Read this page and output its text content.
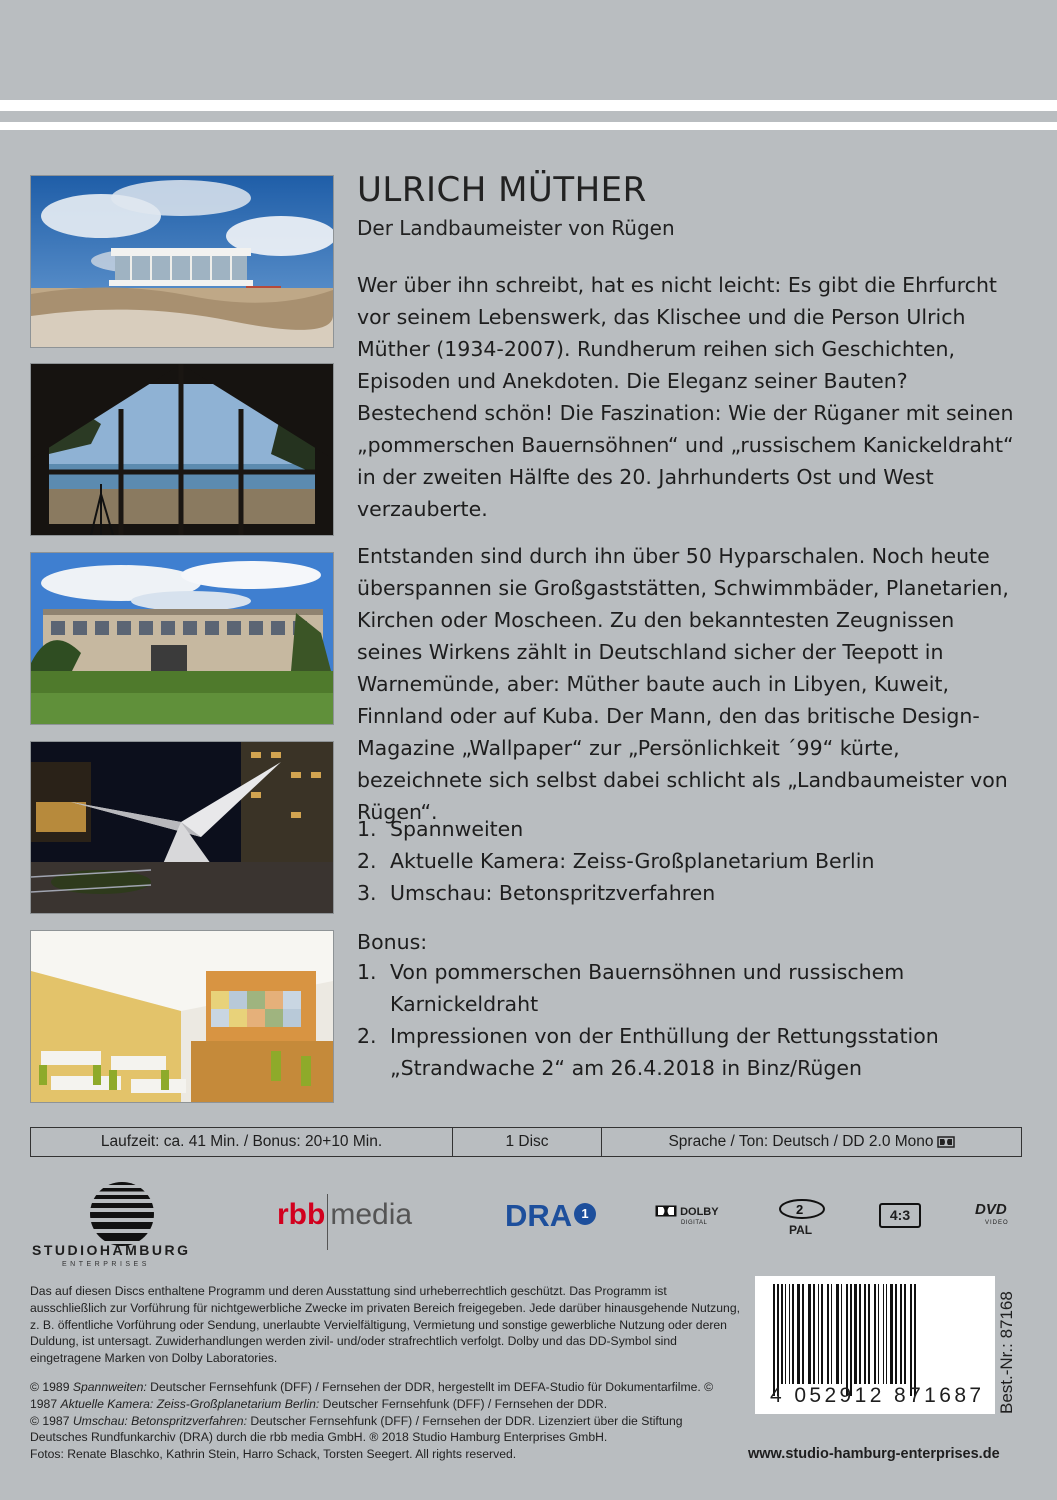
ULRICH MÜTHER
Der Landbaumeister von Rügen

Wer über ihn schreibt, hat es nicht leicht: Es gibt die Ehrfurcht vor seinem Lebenswerk, das Klischee und die Person Ulrich Müther (1934-2007). Rundherum reihen sich Geschichten, Episoden und Anekdoten. Die Eleganz seiner Bauten? Bestechend schön! Die Faszination: Wie der Rüganer mit seinen „pommerschen Bauernsöhnen“ und „russischem Kanickeldraht“ in der zweiten Hälfte des 20. Jahrhunderts Ost und West verzauberte.

Entstanden sind durch ihn über 50 Hyparschalen. Noch heute überspannen sie Großgaststätten, Schwimmbäder, Planetarien, Kirchen oder Moscheen. Zu den bekanntesten Zeugnissen seines Wirkens zählt in Deutschland sicher der Teepott in Warnemünde, aber: Müther baute auch in Libyen, Kuweit, Finnland oder auf Kuba. Der Mann, den das britische Design-Magazine „Wallpaper“ zur „Persönlichkeit ´99“ kürte, bezeichnete sich selbst dabei schlicht als „Landbaumeister von Rügen“.

1. Spannweiten
2. Aktuelle Kamera: Zeiss-Großplanetarium Berlin
3. Umschau: Betonspritzverfahren
Bonus:
1. Von pommerschen Bauernsöhnen und russischem Karnickeldraht
2. Impressionen von der Enthüllung der Rettungsstation „Strandwache 2“ am 26.4.2018 in Binz/Rügen
Laufzeit: ca. 41 Min. / Bonus: 20+10 Min.	1 Disc	Sprache / Ton: Deutsch / DD 2.0 Mono
STUDIOHAMBURG
ENTERPRISES
rbb media	DRA 1	DOLBY
DIGITAL
2
PAL
4:3	DVD
VIDEO

Das auf diesen Discs enthaltene Programm und deren Ausstattung sind urheberrechtlich geschützt. Das Programm ist ausschließlich zur Vorführung für nichtgewerbliche Zwecke im privaten Bereich freigegeben. Jede darüber hinausgehende Nutzung, z. B. öffentliche Vorführung oder Sendung, unerlaubte Vervielfältigung, Vermietung und sonstige gewerbliche Nutzung oder deren Duldung, ist untersagt. Zuwiderhandlungen werden zivil- und/oder strafrechtlich verfolgt. Dolby und das DD-Symbol sind eingetragene Marken von Dolby Laboratories.

© 1989 Spannweiten: Deutscher Fernsehfunk (DFF) / Fernsehen der DDR, hergestellt im DEFA-Studio für Dokumentarfilme. © 1987 Aktuelle Kamera: Zeiss-Großplanetarium Berlin: Deutscher Fernsehfunk (DFF) / Fernsehen der DDR.
© 1987 Umschau: Betonspritzverfahren: Deutscher Fernsehfunk (DFF) / Fernsehen der DDR. Lizenziert über die Stiftung Deutsches Rundfunkarchiv (DRA) durch die rbb media GmbH. ® 2018 Studio Hamburg Enterprises GmbH.
Fotos: Renate Blaschko, Kathrin Stein, Harro Schack, Torsten Seegert. All rights reserved.

4 052912 871687 Best.-Nr.: 87168
www.studio-hamburg-enterprises.de
